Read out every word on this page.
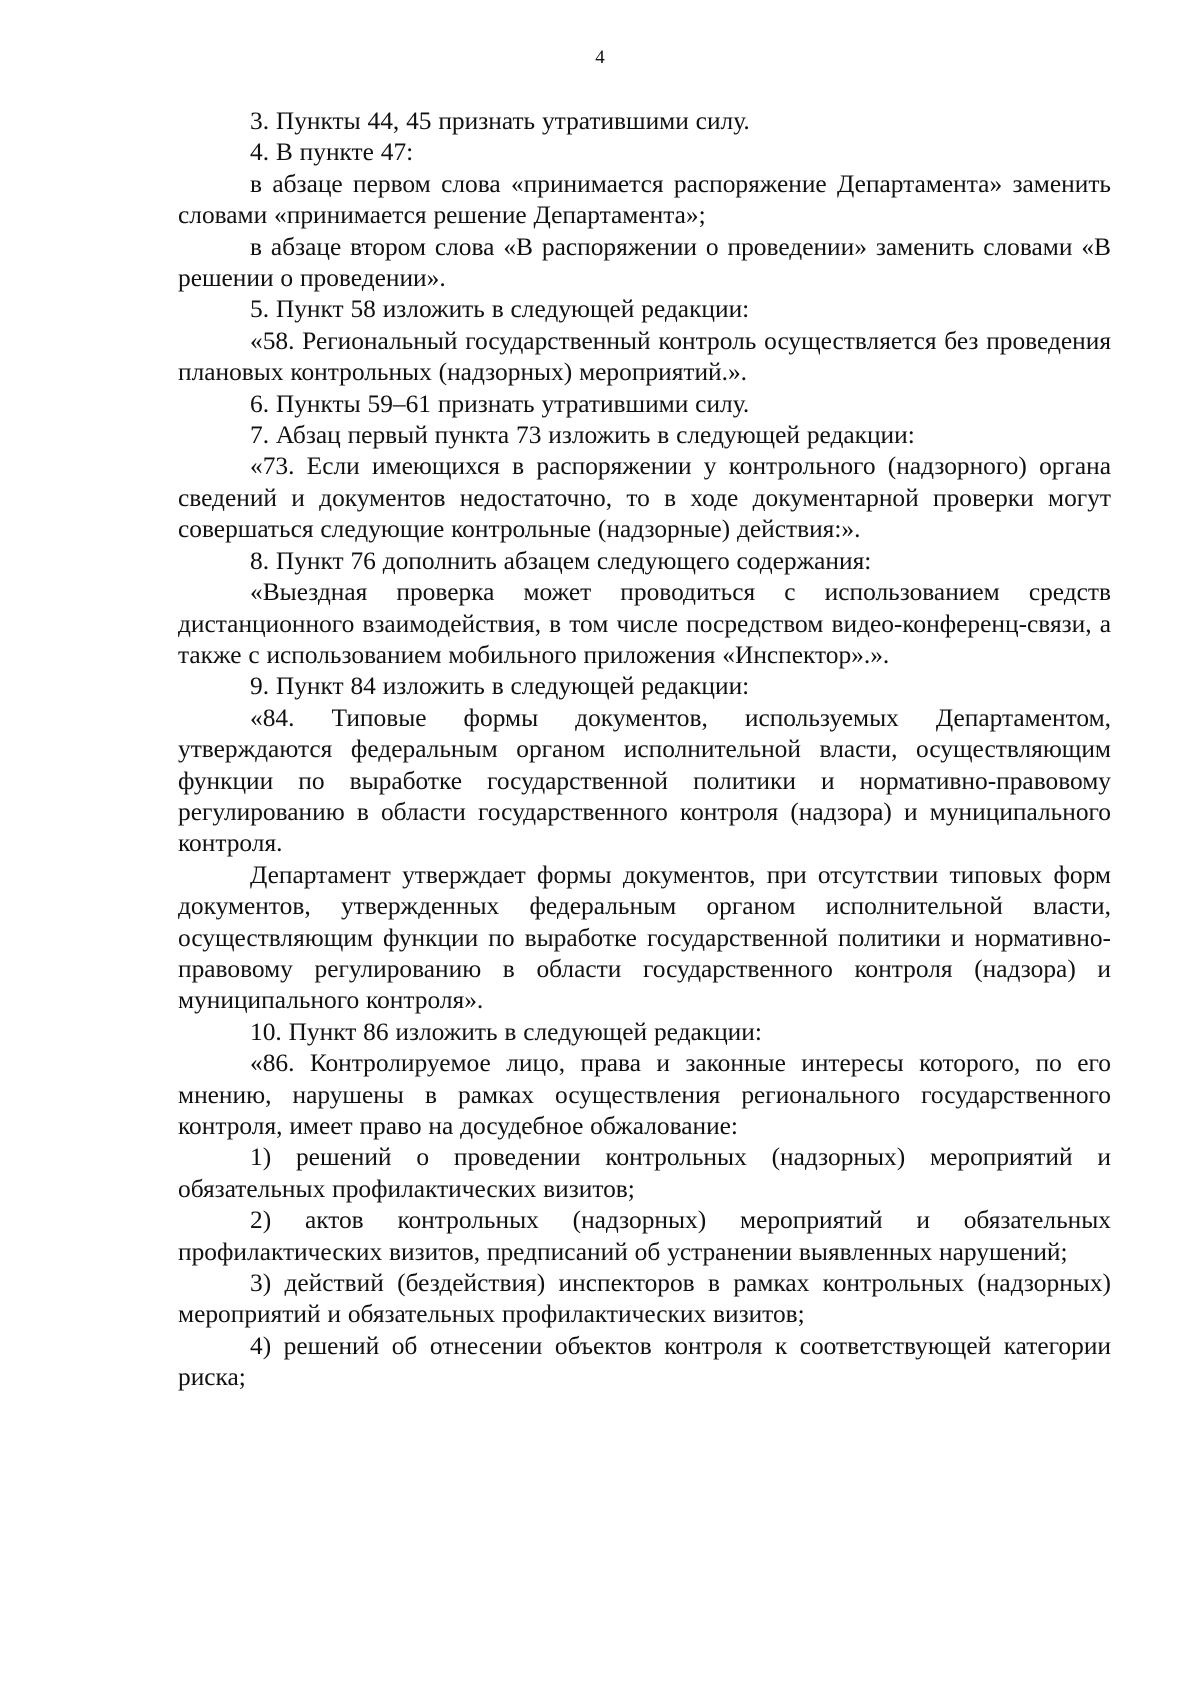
4

3. Пункты 44, 45 признать утратившими силу.

4. В пункте 47:

в абзаце первом слова «принимается распоряжение Департамента» заменить словами «принимается решение Департамента»;

в абзаце втором слова «В распоряжении о проведении» заменить словами «В решении о проведении».

5. Пункт 58 изложить в следующей редакции:

«58. Региональный государственный контроль осуществляется без проведения плановых контрольных (надзорных) мероприятий.».

6. Пункты 59–61 признать утратившими силу.

7. Абзац первый пункта 73 изложить в следующей редакции:

«73. Если имеющихся в распоряжении у контрольного (надзорного) органа сведений и документов недостаточно, то в ходе документарной проверки могут совершаться следующие контрольные (надзорные) действия:».

8. Пункт 76 дополнить абзацем следующего содержания:

«Выездная проверка может проводиться с использованием средств дистанционного взаимодействия, в том числе посредством видео-конференц-связи, а также с использованием мобильного приложения «Инспектор».».

9. Пункт 84 изложить в следующей редакции:

«84. Типовые формы документов, используемых Департаментом, утверждаются федеральным органом исполнительной власти, осуществляющим функции по выработке государственной политики и нормативно-правовому регулированию в области государственного контроля (надзора) и муниципального контроля.

Департамент утверждает формы документов, при отсутствии типовых форм документов, утвержденных федеральным органом исполнительной власти, осуществляющим функции по выработке государственной политики и нормативно-правовому регулированию в области государственного контроля (надзора) и муниципального контроля».

10. Пункт 86 изложить в следующей редакции:

«86. Контролируемое лицо, права и законные интересы которого, по его мнению, нарушены в рамках осуществления регионального государственного контроля, имеет право на досудебное обжалование:

1) решений о проведении контрольных (надзорных) мероприятий и обязательных профилактических визитов;

2) актов контрольных (надзорных) мероприятий и обязательных профилактических визитов, предписаний об устранении выявленных нарушений;

3) действий (бездействия) инспекторов в рамках контрольных (надзорных) мероприятий и обязательных профилактических визитов;

4) решений об отнесении объектов контроля к соответствующей категории риска;
